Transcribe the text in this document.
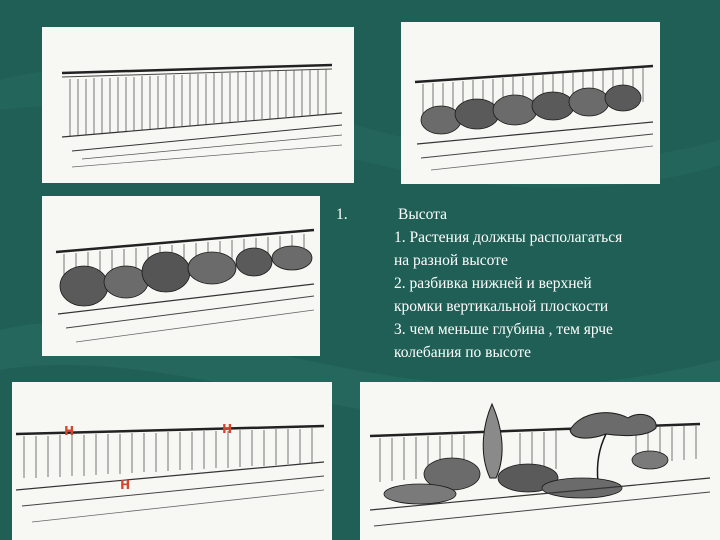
н	н
н
1.	Высота
1. Растения должны располагаться
на разной высоте
2. разбивка нижней и верхней
кромки вертикальной плоскости
3. чем меньше глубина , тем ярче
колебания по высоте
